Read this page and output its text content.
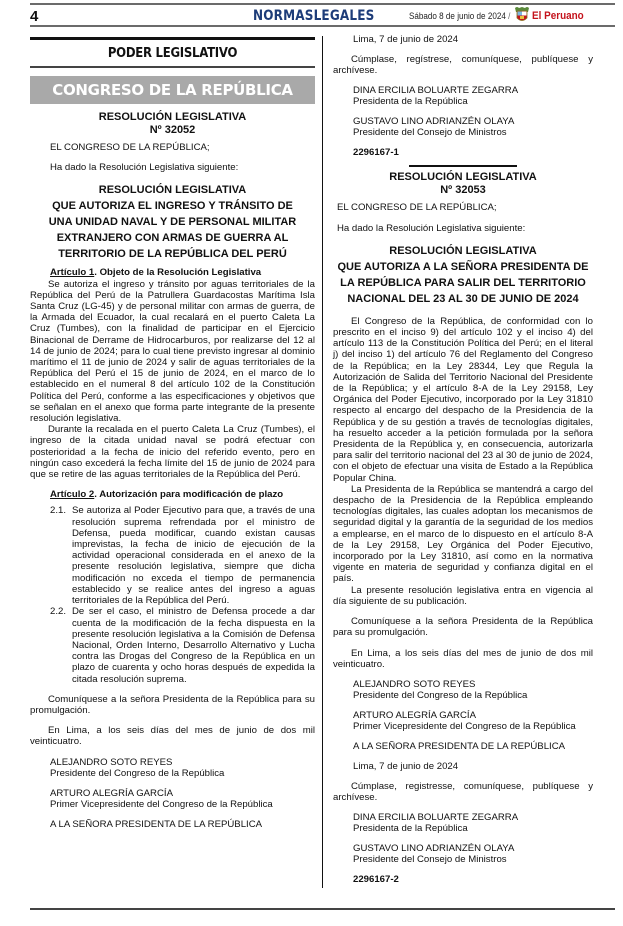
4	NORMASLEGALES	Sábado 8 de junio de 2024 / El Peruano
PODER LEGISLATIVO
CONGRESO DE LA REPÚBLICA
RESOLUCIÓN LEGISLATIVA
Nº 32052

EL CONGRESO DE LA REPÚBLICA;

Ha dado la Resolución Legislativa siguiente:

RESOLUCIÓN LEGISLATIVA

QUE AUTORIZA EL INGRESO Y TRÁNSITO DE

UNA UNIDAD NAVAL Y DE PERSONAL MILITAR

EXTRANJERO CON ARMAS DE GUERRA AL

TERRITORIO DE LA REPÚBLICA DEL PERÚ

Artículo 1. Objeto de la Resolución Legislativa

Se autoriza el ingreso y tránsito por aguas territoriales de la República del Perú de la Patrullera Guardacostas Marítima Isla Santa Cruz (LG-45) y de personal militar con armas de guerra, de la Armada del Ecuador, la cual recalará en el puerto Caleta La Cruz (Tumbes), con la finalidad de participar en el Ejercicio Binacional de Derrame de Hidrocarburos, por realizarse del 12 al 14 de junio de 2024; para lo cual tiene previsto ingresar al dominio marítimo el 11 de junio de 2024 y salir de aguas territoriales de la República del Perú el 15 de junio de 2024, en el marco de lo establecido en el numeral 8 del artículo 102 de la Constitución Política del Perú, conforme a las especificaciones y objetivos que se señalan en el anexo que forma parte integrante de la presente resolución legislativa.

Durante la recalada en el puerto Caleta La Cruz (Tumbes), el ingreso de la citada unidad naval se podrá efectuar con posterioridad a la fecha de inicio del referido evento, pero en ningún caso excederá la fecha límite del 15 de junio de 2024 para que se retire de las aguas territoriales de la República del Perú.

Artículo 2. Autorización para modificación de plazo
2.1. Se autoriza al Poder Ejecutivo para que, a través de una resolución suprema refrendada por el ministro de Defensa, pueda modificar, cuando existan causas imprevistas, la fecha de inicio de ejecución de la actividad operacional considerada en el anexo de la presente resolución legislativa, siempre que dicha modificación no exceda el tiempo de permanencia establecido y se realice antes del ingreso a aguas territoriales de la República del Perú.
2.2. De ser el caso, el ministro de Defensa procede a dar cuenta de la modificación de la fecha dispuesta en la presente resolución legislativa a la Comisión de Defensa Nacional, Orden Interno, Desarrollo Alternativo y Lucha contra las Drogas del Congreso de la República en un plazo de cuarenta y ocho horas después de expedida la citada resolución suprema.

Comuníquese a la señora Presidenta de la República para su promulgación.

En Lima, a los seis días del mes de junio de dos mil veinticuatro.

ALEJANDRO SOTO REYES
Presidente del Congreso de la República
ARTURO ALEGRÍA GARCÍA
Primer Vicepresidente del Congreso de la República
A LA SEÑORA PRESIDENTA DE LA REPÚBLICA
Lima, 7 de junio de 2024

Cúmplase, regístrese, comuníquese, publíquese y archívese.

DINA ERCILIA BOLUARTE ZEGARRA
Presidenta de la República
GUSTAVO LINO ADRIANZÉN OLAYA
Presidente del Consejo de Ministros
2296167-1
RESOLUCIÓN LEGISLATIVA
Nº 32053

EL CONGRESO DE LA REPÚBLICA;

Ha dado la Resolución Legislativa siguiente:

RESOLUCIÓN LEGISLATIVA

QUE AUTORIZA A LA SEÑORA PRESIDENTA DE

LA REPÚBLICA PARA SALIR DEL TERRITORIO

NACIONAL DEL 23 AL 30 DE JUNIO DE 2024

El Congreso de la República, de conformidad con lo prescrito en el inciso 9) del artículo 102 y el inciso 4) del artículo 113 de la Constitución Política del Perú; en el literal j) del inciso 1) del artículo 76 del Reglamento del Congreso de la República; en la Ley 28344, Ley que Regula la Autorización de Salida del Territorio Nacional del Presidente de la República; y el artículo 8-A de la Ley 29158, Ley Orgánica del Poder Ejecutivo, incorporado por la Ley 31810 respecto al encargo del despacho de la Presidencia de la República y de su gestión a través de tecnologías digitales, ha resuelto acceder a la petición formulada por la señora Presidenta de la República y, en consecuencia, autorizarla para salir del territorio nacional del 23 al 30 de junio de 2024, con el objeto de efectuar una visita de Estado a la República Popular China.

La Presidenta de la República se mantendrá a cargo del despacho de la Presidencia de la República empleando tecnologías digitales, las cuales adoptan los mecanismos de seguridad digital y la garantía de la seguridad de los medios a emplearse, en el marco de lo dispuesto en el artículo 8-A de la Ley 29158, Ley Orgánica del Poder Ejecutivo, incorporado por la Ley 31810, así como en la normativa vigente en materia de seguridad y confianza digital en el país.

La presente resolución legislativa entra en vigencia al día siguiente de su publicación.

Comuníquese a la señora Presidenta de la República para su promulgación.

En Lima, a los seis días del mes de junio de dos mil veinticuatro.

ALEJANDRO SOTO REYES
Presidente del Congreso de la República
ARTURO ALEGRÍA GARCÍA
Primer Vicepresidente del Congreso de la República
A LA SEÑORA PRESIDENTA DE LA REPÚBLICA
Lima, 7 de junio de 2024

Cúmplase, registresse, comuníquese, publíquese y archívese.

DINA ERCILIA BOLUARTE ZEGARRA
Presidenta de la República
GUSTAVO LINO ADRIANZÉN OLAYA
Presidente del Consejo de Ministros
2296167-2
